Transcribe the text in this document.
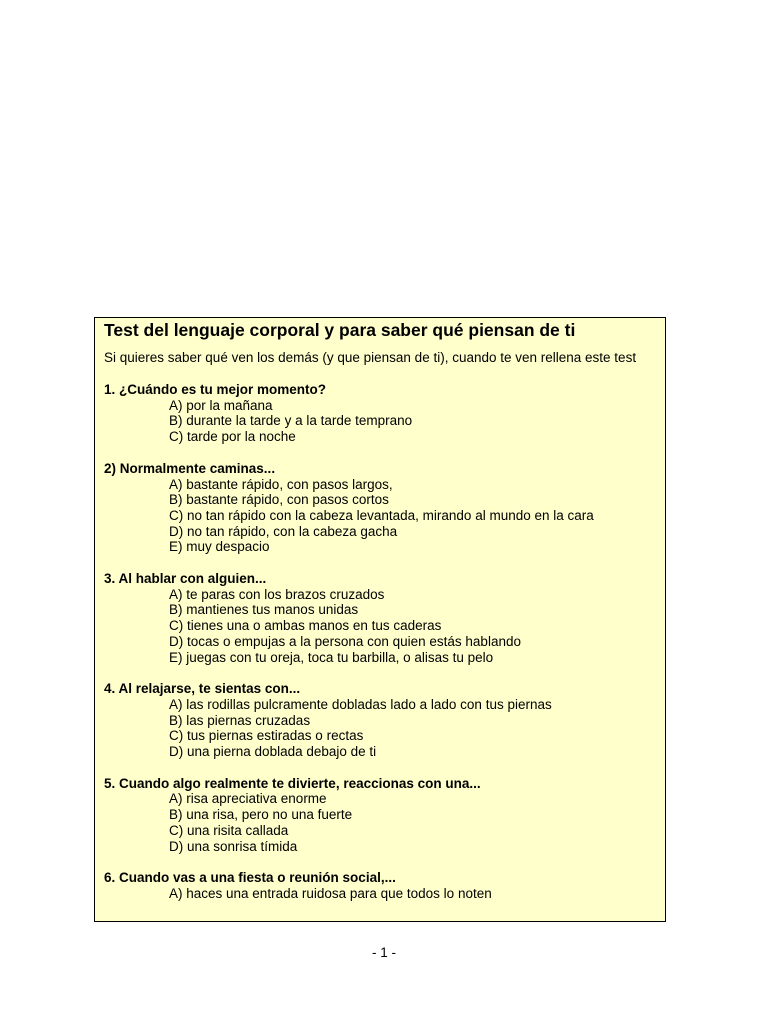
Test del lenguaje corporal y para saber qué piensan de ti

Si quieres saber qué ven los demás (y que piensan de ti), cuando te ven rellena este test

1. ¿Cuándo es tu mejor momento?
A) por la mañana
B) durante la tarde y a la tarde temprano
C) tarde por la noche
2) Normalmente caminas...
A) bastante rápido, con pasos largos,
B) bastante rápido, con pasos cortos
C) no tan rápido con la cabeza levantada, mirando al mundo en la cara
D) no tan rápido, con la cabeza gacha
E) muy despacio
3. Al hablar con alguien...
A) te paras con los brazos cruzados
B) mantienes tus manos unidas
C) tienes una o ambas manos en tus caderas
D) tocas o empujas a la persona con quien estás hablando
E) juegas con tu oreja, toca tu barbilla, o alisas tu pelo
4. Al relajarse, te sientas con...
A) las rodillas pulcramente dobladas lado a lado con tus piernas
B) las piernas cruzadas
C) tus piernas estiradas o rectas
D) una pierna doblada debajo de ti
5. Cuando algo realmente te divierte, reaccionas con una...
A) risa apreciativa enorme
B) una risa, pero no una fuerte
C) una risita callada
D) una sonrisa tímida
6. Cuando vas a una fiesta o reunión social,...
A) haces una entrada ruidosa para que todos lo noten
- 1 -
